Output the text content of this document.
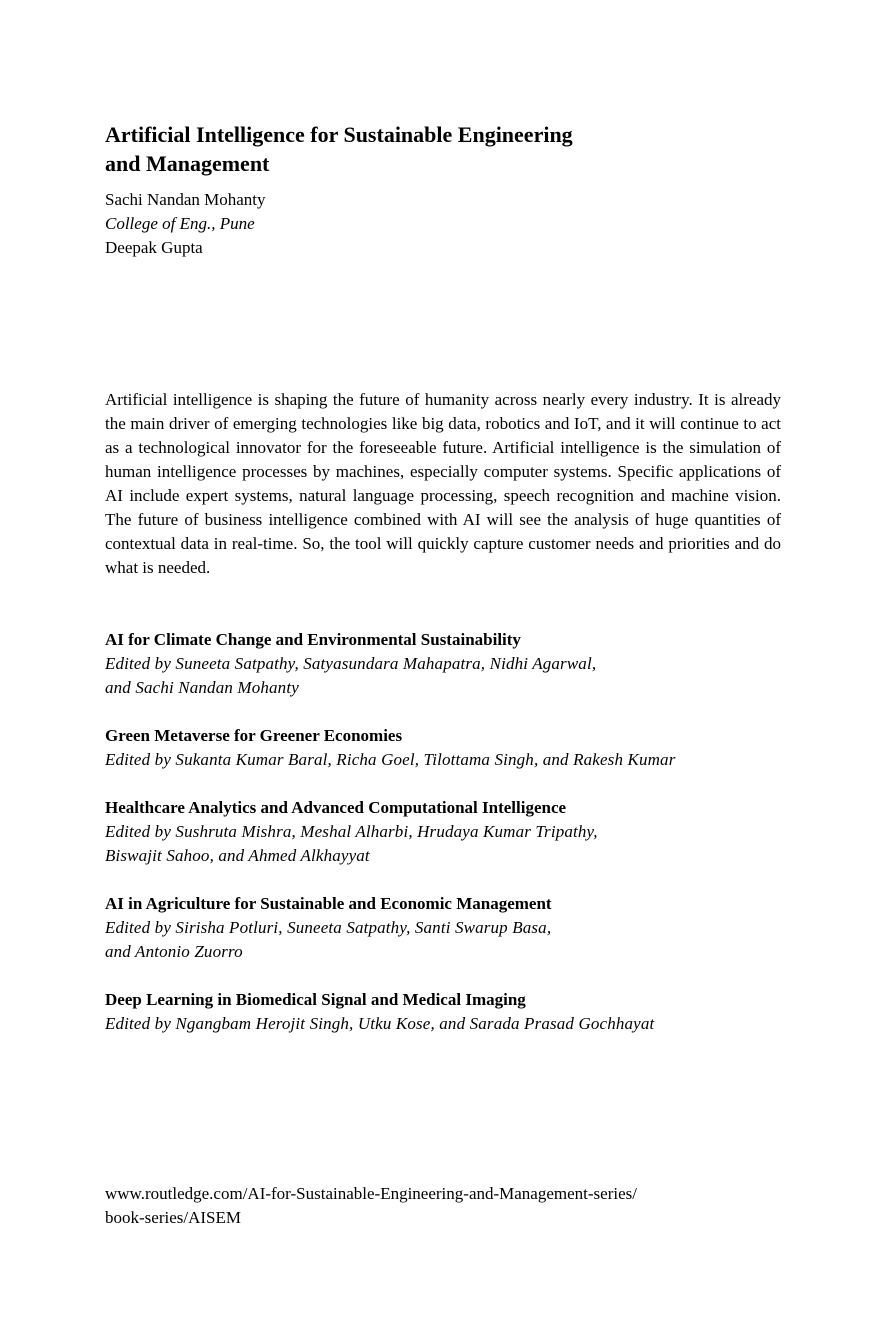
Artificial Intelligence for Sustainable Engineering
and Management
Sachi Nandan Mohanty
College of Eng., Pune
Deepak Gupta

Artificial intelligence is shaping the future of humanity across nearly every industry. It is already the main driver of emerging technologies like big data, robotics and IoT, and it will continue to act as a technological innovator for the foreseeable future. Artificial intelligence is the simulation of human intelligence processes by machines, especially computer systems. Specific applications of AI include expert systems, natural language processing, speech recognition and machine vision. The future of business intelligence combined with AI will see the analysis of huge quantities of contextual data in real-time. So, the tool will quickly capture customer needs and priorities and do what is needed.

AI for Climate Change and Environmental Sustainability
Edited by Suneeta Satpathy, Satyasundara Mahapatra, Nidhi Agarwal,
and Sachi Nandan Mohanty
Green Metaverse for Greener Economies
Edited by Sukanta Kumar Baral, Richa Goel, Tilottama Singh, and Rakesh Kumar
Healthcare Analytics and Advanced Computational Intelligence
Edited by Sushruta Mishra, Meshal Alharbi, Hrudaya Kumar Tripathy,
Biswajit Sahoo, and Ahmed Alkhayyat
AI in Agriculture for Sustainable and Economic Management
Edited by Sirisha Potluri, Suneeta Satpathy, Santi Swarup Basa,
and Antonio Zuorro
Deep Learning in Biomedical Signal and Medical Imaging
Edited by Ngangbam Herojit Singh, Utku Kose, and Sarada Prasad Gochhayat
www.routledge.com/AI-for-Sustainable-Engineering-and-Management-series/
book-series/AISEM
